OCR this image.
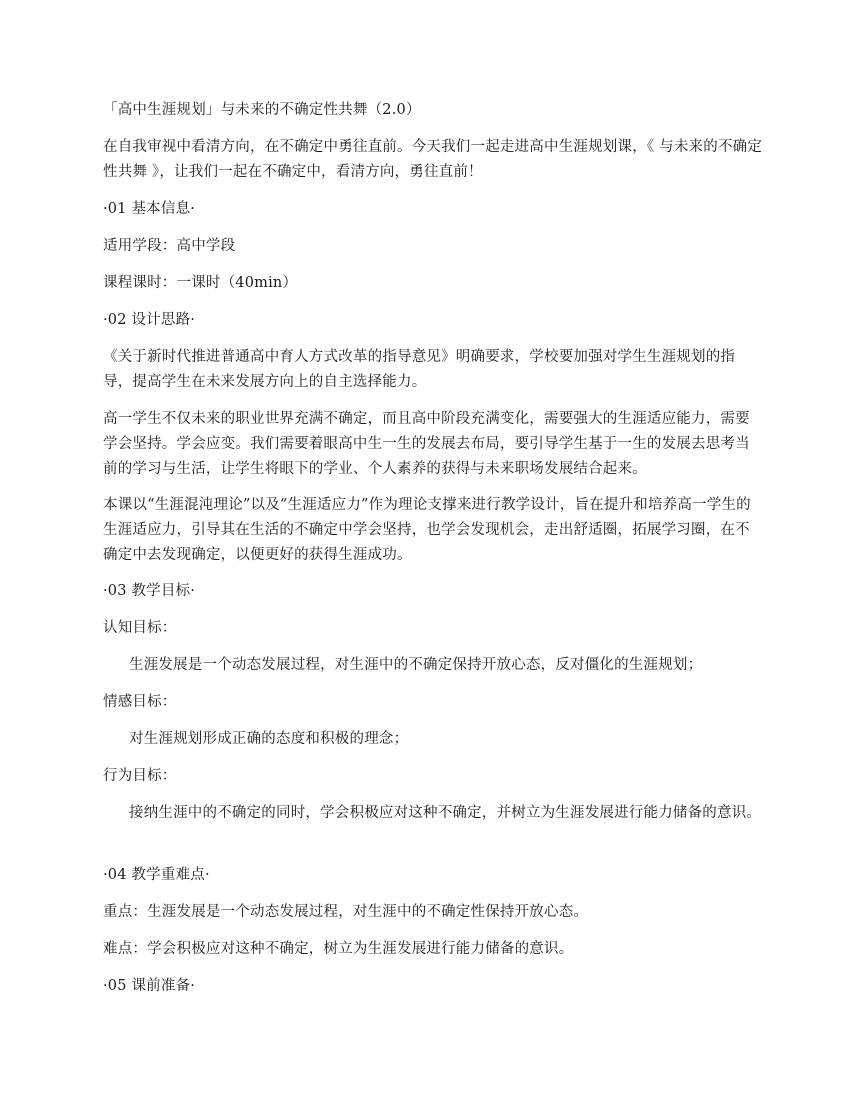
「高中生涯规划」与未来的不确定性共舞（2.0）
在自我审视中看清方向，在不确定中勇往直前。今天我们一起走进高中生涯规划课，《 与未来的不确定性共舞 》，让我们一起在不确定中，看清方向，勇往直前！
·01 基本信息·
适用学段：高中学段
课程课时：一课时（40min）
·02 设计思路·
《关于新时代推进普通高中育人方式改革的指导意见》明确要求，学校要加强对学生生涯规划的指导，提高学生在未来发展方向上的自主选择能力。
高一学生不仅未来的职业世界充满不确定，而且高中阶段充满变化，需要强大的生涯适应能力，需要学会坚持。学会应变。我们需要着眼高中生一生的发展去布局，要引导学生基于一生的发展去思考当前的学习与生活，让学生将眼下的学业、个人素养的获得与未来职场发展结合起来。
本课以“生涯混沌理论”以及“生涯适应力”作为理论支撑来进行教学设计，旨在提升和培养高一学生的生涯适应力，引导其在生活的不确定中学会坚持，也学会发现机会，走出舒适圈，拓展学习圈，在不确定中去发现确定，以便更好的获得生涯成功。
·03 教学目标·
认知目标：
生涯发展是一个动态发展过程，对生涯中的不确定保持开放心态，反对僵化的生涯规划；
情感目标：
对生涯规划形成正确的态度和积极的理念；
行为目标：
接纳生涯中的不确定的同时，学会积极应对这种不确定，并树立为生涯发展进行能力储备的意识。
·04 教学重难点·
重点：生涯发展是一个动态发展过程，对生涯中的不确定性保持开放心态。
难点：学会积极应对这种不确定，树立为生涯发展进行能力储备的意识。
·05 课前准备·
